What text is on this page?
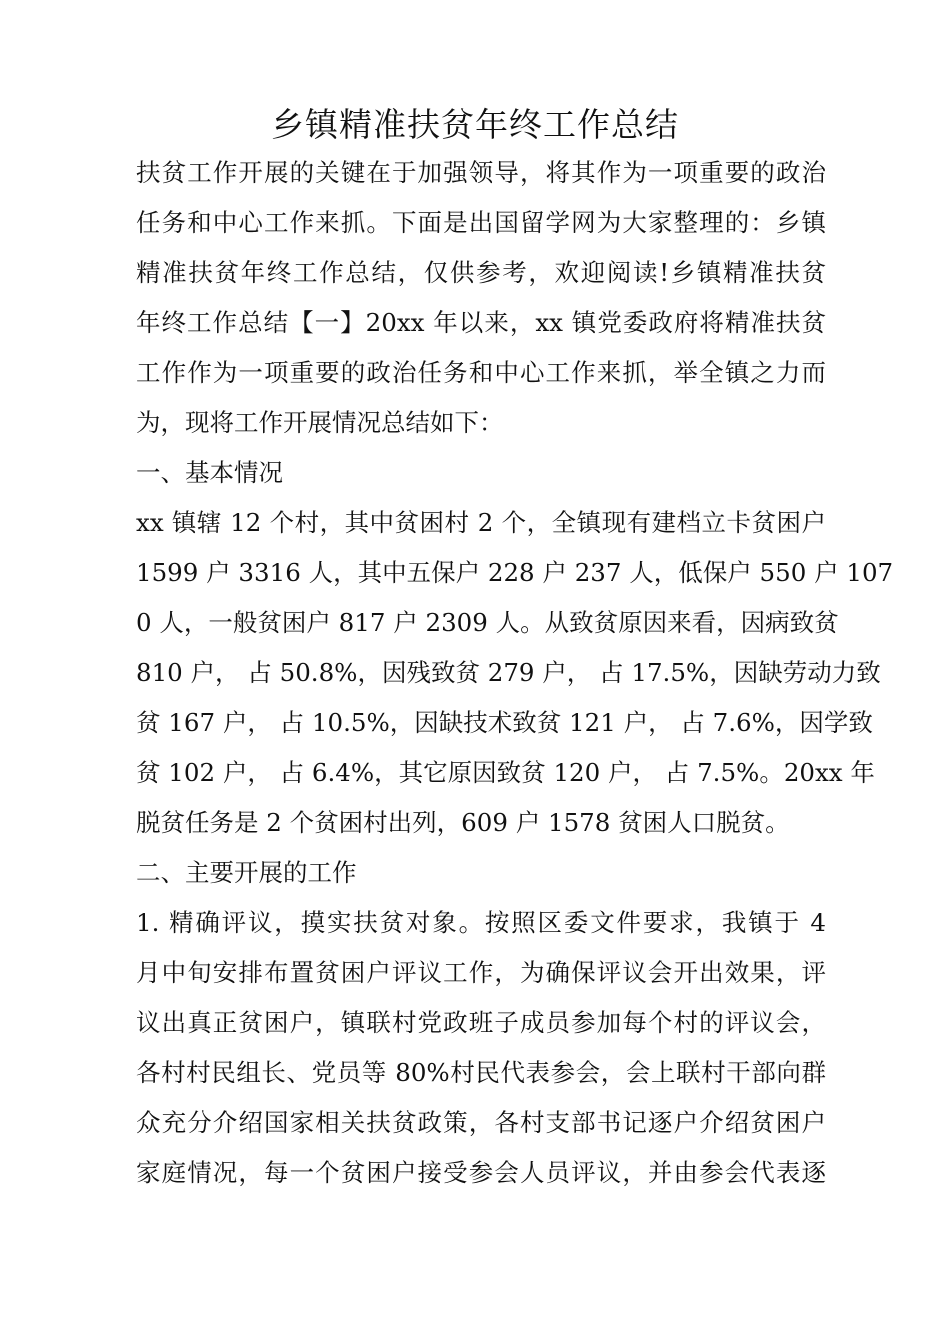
乡镇精准扶贫年终工作总结
扶贫工作开展的关键在于加强领导，将其作为一项重要的政治
任务和中心工作来抓。下面是出国留学网为大家整理的：乡镇
精准扶贫年终工作总结，仅供参考，欢迎阅读!乡镇精准扶贫
年终工作总结【一】20xx 年以来，xx 镇党委政府将精准扶贫
工作作为一项重要的政治任务和中心工作来抓，举全镇之力而
为，现将工作开展情况总结如下：
一、基本情况
xx 镇辖 12 个村，其中贫困村 2 个，全镇现有建档立卡贫困户
1599 户 3316 人，其中五保户 228 户 237 人，低保户 550 户 107
0 人，一般贫困户 817 户 2309 人。从致贫原因来看，因病致贫
810 户， 占 50.8%，因残致贫 279 户， 占 17.5%，因缺劳动力致
贫 167 户， 占 10.5%，因缺技术致贫 121 户， 占 7.6%，因学致
贫 102 户， 占 6.4%，其它原因致贫 120 户， 占 7.5%。20xx 年
脱贫任务是 2 个贫困村出列，609 户 1578 贫困人口脱贫。
二、主要开展的工作
1. 精确评议，摸实扶贫对象。按照区委文件要求，我镇于 4
月中旬安排布置贫困户评议工作，为确保评议会开出效果，评
议出真正贫困户，镇联村党政班子成员参加每个村的评议会，
各村村民组长、党员等 80%村民代表参会，会上联村干部向群
众充分介绍国家相关扶贫政策，各村支部书记逐户介绍贫困户
家庭情况，每一个贫困户接受参会人员评议，并由参会代表逐
